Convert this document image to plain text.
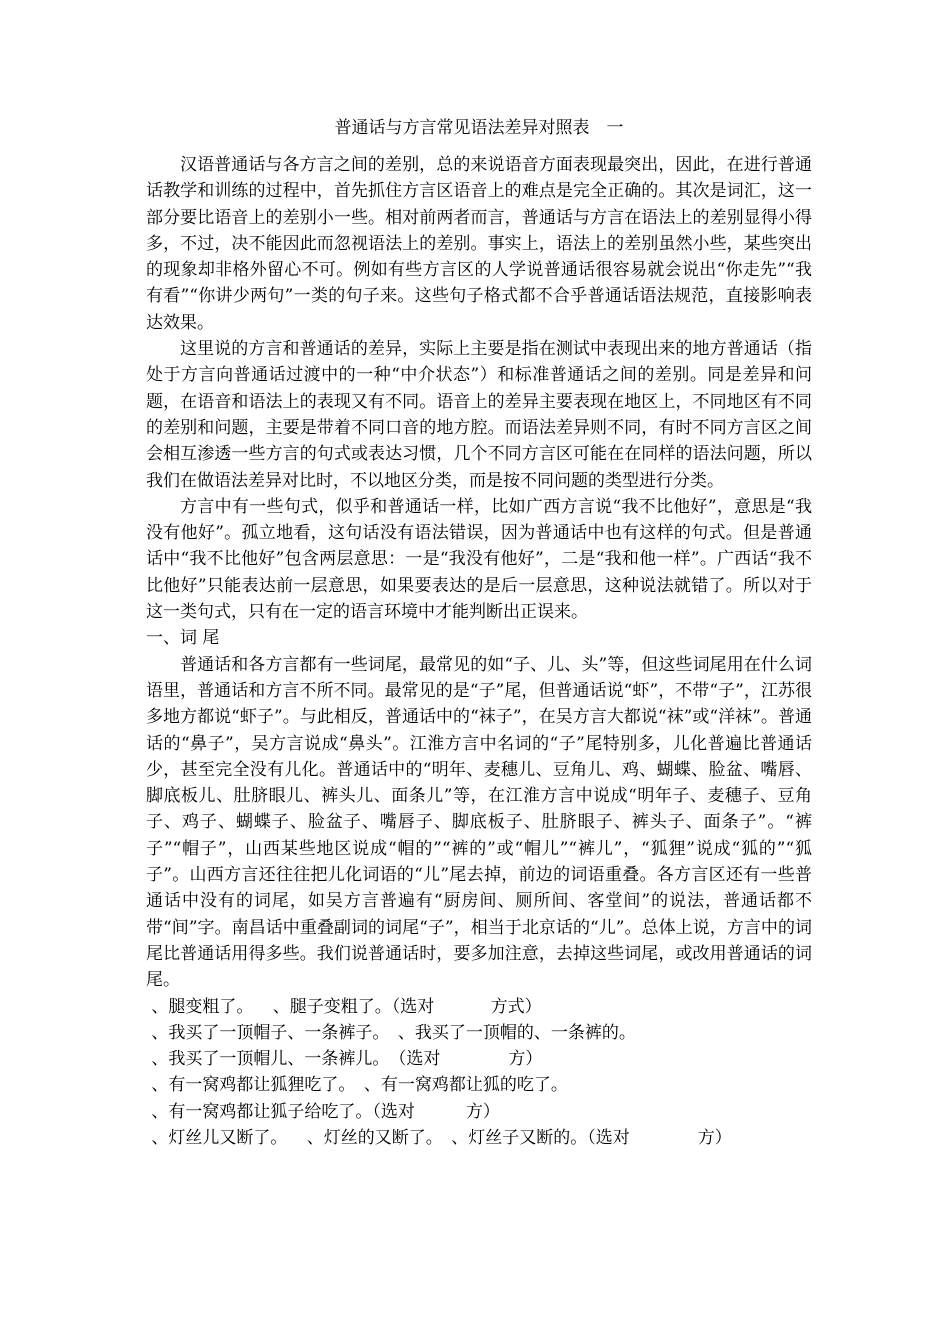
普通话与方言常见语法差异对照表　一

汉语普通话与各方言之间的差别，总的来说语音方面表现最突出，因此，在进行普通话教学和训练的过程中，首先抓住方言区语音上的难点是完全正确的。其次是词汇，这一部分要比语音上的差别小一些。相对前两者而言，普通话与方言在语法上的差别显得小得多，不过，决不能因此而忽视语法上的差别。事实上，语法上的差别虽然小些，某些突出的现象却非格外留心不可。例如有些方言区的人学说普通话很容易就会说出“你走先”“我有看”“你讲少两句”一类的句子来。这些句子格式都不合乎普通话语法规范，直接影响表达效果。

这里说的方言和普通话的差异，实际上主要是指在测试中表现出来的地方普通话（指处于方言向普通话过渡中的一种“中介状态”）和标准普通话之间的差别。同是差异和问题，在语音和语法上的表现又有不同。语音上的差异主要表现在地区上，不同地区有不同的差别和问题，主要是带着不同口音的地方腔。而语法差异则不同，有时不同方言区之间会相互渗透一些方言的句式或表达习惯，几个不同方言区可能在在同样的语法问题，所以我们在做语法差异对比时，不以地区分类，而是按不同问题的类型进行分类。

方言中有一些句式，似乎和普通话一样，比如广西方言说“我不比他好”，意思是“我没有他好”。孤立地看，这句话没有语法错误，因为普通话中也有这样的句式。但是普通话中“我不比他好”包含两层意思：一是“我没有他好”，二是“我和他一样”。广西话“我不比他好”只能表达前一层意思，如果要表达的是后一层意思，这种说法就错了。所以对于这一类句式，只有在一定的语言环境中才能判断出正误来。

一、词 尾

普通话和各方言都有一些词尾，最常见的如“子、儿、头”等，但这些词尾用在什么词语里，普通话和方言不所不同。最常见的是“子”尾，但普通话说“虾”，不带“子”，江苏很多地方都说“虾子”。与此相反，普通话中的“袜子”，在吴方言大都说“袜”或“洋袜”。普通话的“鼻子”，吴方言说成“鼻头”。江淮方言中名词的“子”尾特别多，儿化普遍比普通话少，甚至完全没有儿化。普通话中的“明年、麦穗儿、豆角儿、鸡、蝴蝶、脸盆、嘴唇、脚底板儿、肚脐眼儿、裤头儿、面条儿”等，在江淮方言中说成“明年子、麦穗子、豆角子、鸡子、蝴蝶子、脸盆子、嘴唇子、脚底板子、肚脐眼子、裤头子、面条子”。“裤子”“帽子”，山西某些地区说成“帽的”“裤的”或“帽儿”“裤儿”，“狐狸”说成“狐的”“狐子”。山西方言还往往把儿化词语的“儿”尾去掉，前边的词语重叠。各方言区还有一些普通话中没有的词尾，如吴方言普遍有“厨房间、厕所间、客堂间”的说法，普通话都不带“间”字。南昌话中重叠副词的词尾“子”，相当于北京话的“儿”。总体上说，方言中的词尾比普通话用得多些。我们说普通话时，要多加注意，去掉这些词尾，或改用普通话的词尾。

、腿变粗了。　  、腿子变粗了。（选对　　　 方式）

、我买了一顶帽子、一条裤子。　、我买了一顶帽的、一条裤的。

、我买了一顶帽儿、一条裤儿。　（选对　　　　方）

、有一窝鸡都让狐狸吃了。　、有一窝鸡都让狐的吃了。

、有一窝鸡都让狐子给吃了。（选对　　　方）

、灯丝儿又断了。　  、灯丝的又断了。　、灯丝子又断的。（选对　　　　方）
